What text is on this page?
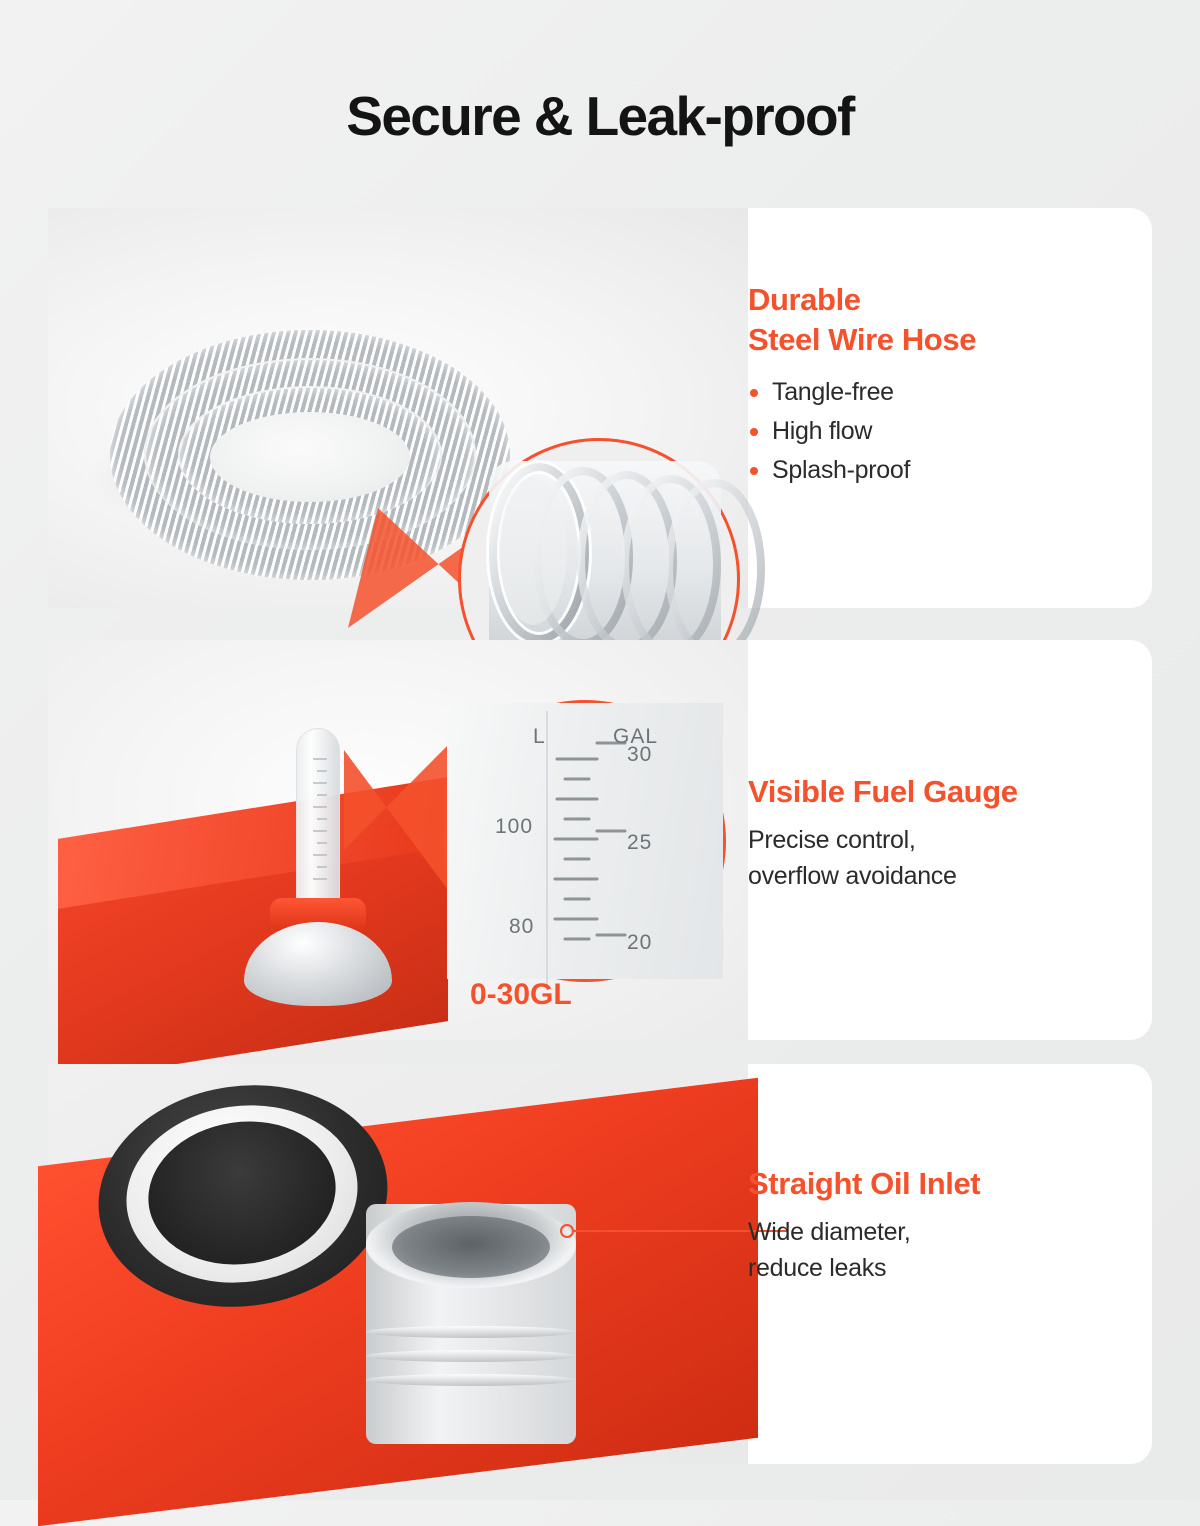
Secure & Leak-proof
Durable
Steel Wire Hose
Tangle-free
High flow
Splash-proof
L	GAL
30
25
20
100
80
0-30GL
Visible Fuel Gauge
Precise control,
overflow avoidance
Straight Oil Inlet
Wide diameter,
reduce leaks
